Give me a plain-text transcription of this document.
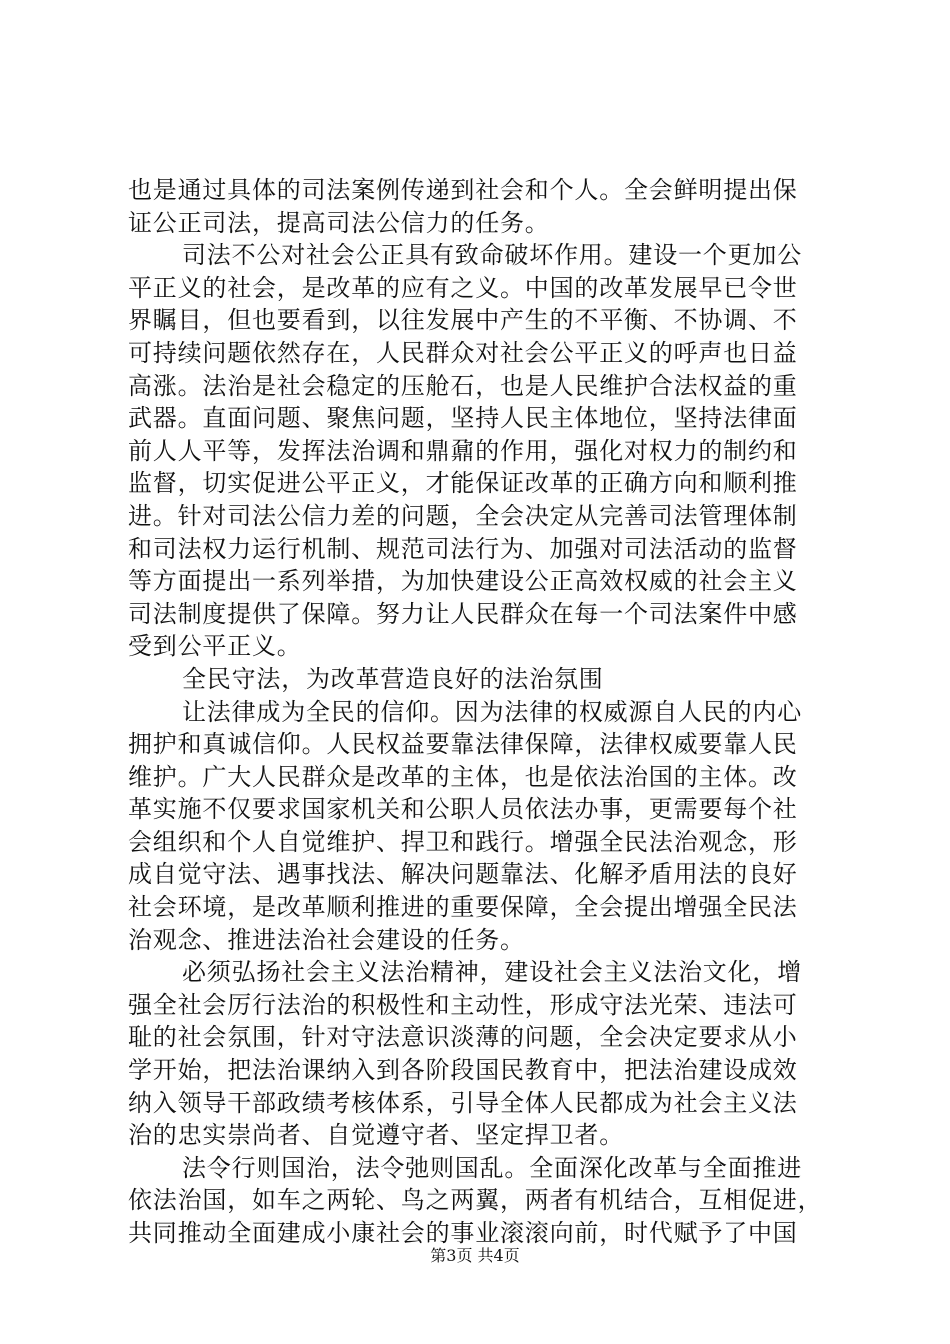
也是通过具体的司法案例传递到社会和个人。全会鲜明提出保
证公正司法，提高司法公信力的任务。
司法不公对社会公正具有致命破坏作用。建设一个更加公
平正义的社会，是改革的应有之义。中国的改革发展早已令世
界瞩目，但也要看到，以往发展中产生的不平衡、不协调、不
可持续问题依然存在，人民群众对社会公平正义的呼声也日益
高涨。法治是社会稳定的压舱石，也是人民维护合法权益的重
武器。直面问题、聚焦问题，坚持人民主体地位，坚持法律面
前人人平等，发挥法治调和鼎鼐的作用，强化对权力的制约和
监督，切实促进公平正义，才能保证改革的正确方向和顺利推
进。针对司法公信力差的问题，全会决定从完善司法管理体制
和司法权力运行机制、规范司法行为、加强对司法活动的监督
等方面提出一系列举措，为加快建设公正高效权威的社会主义
司法制度提供了保障。努力让人民群众在每一个司法案件中感
受到公平正义。
全民守法，为改革营造良好的法治氛围
让法律成为全民的信仰。因为法律的权威源自人民的内心
拥护和真诚信仰。人民权益要靠法律保障，法律权威要靠人民
维护。广大人民群众是改革的主体，也是依法治国的主体。改
革实施不仅要求国家机关和公职人员依法办事，更需要每个社
会组织和个人自觉维护、捍卫和践行。增强全民法治观念，形
成自觉守法、遇事找法、解决问题靠法、化解矛盾用法的良好
社会环境，是改革顺利推进的重要保障，全会提出增强全民法
治观念、推进法治社会建设的任务。
必须弘扬社会主义法治精神，建设社会主义法治文化，增
强全社会厉行法治的积极性和主动性，形成守法光荣、违法可
耻的社会氛围，针对守法意识淡薄的问题，全会决定要求从小
学开始，把法治课纳入到各阶段国民教育中，把法治建设成效
纳入领导干部政绩考核体系，引导全体人民都成为社会主义法
治的忠实崇尚者、自觉遵守者、坚定捍卫者。
法令行则国治，法令弛则国乱。全面深化改革与全面推进
依法治国，如车之两轮、鸟之两翼，两者有机结合，互相促进，
共同推动全面建成小康社会的事业滚滚向前，时代赋予了中国
第3页 共4页
